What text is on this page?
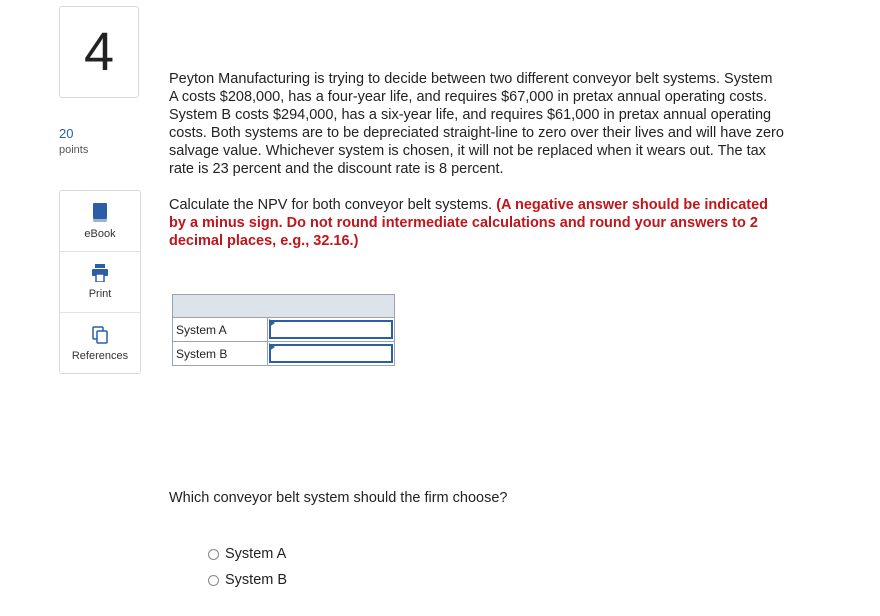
4
20
points
eBook
Print
References

Peyton Manufacturing is trying to decide between two different conveyor belt systems. System A costs $208,000, has a four-year life, and requires $67,000 in pretax annual operating costs. System B costs $294,000, has a six-year life, and requires $61,000 in pretax annual operating costs. Both systems are to be depreciated straight-line to zero over their lives and will have zero salvage value. Whichever system is chosen, it will not be replaced when it wears out. The tax rate is 23 percent and the discount rate is 8 percent.

Calculate the NPV for both conveyor belt systems. (A negative answer should be indicated by a minus sign. Do not round intermediate calculations and round your answers to 2 decimal places, e.g., 32.16.)

System A	

System B	
Which conveyor belt system should the firm choose?
System A
System B
